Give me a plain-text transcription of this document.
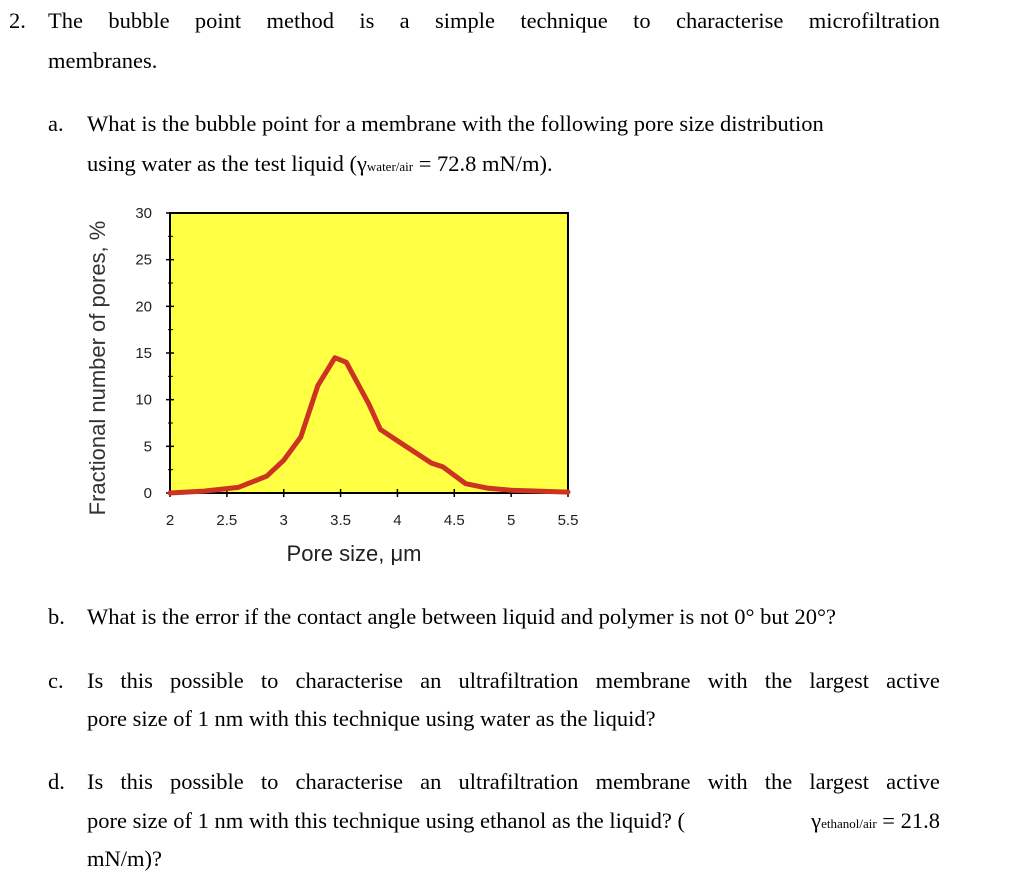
2. The bubble point method is a simple technique to characterise microfiltration
membranes.
a. What is the bubble point for a membrane with the following pore size distribution
using water as the test liquid (γwater/air = 72.8 mN/m).
Fractional number of pores, % 0
5
10
15
20
25
30
2	2.5	3	3.5	4	4.5	5	5.5
Pore size, μm
b. What is the error if the contact angle between liquid and polymer is not 0° but 20°?
c. Is this possible to characterise an ultrafiltration membrane with the largest active
pore size of 1 nm with this technique using water as the liquid?
d. Is this possible to characterise an ultrafiltration membrane with the largest active
pore size of 1 nm with this technique using ethanol as the liquid? (	γethanol/air = 21.8
mN/m)?
